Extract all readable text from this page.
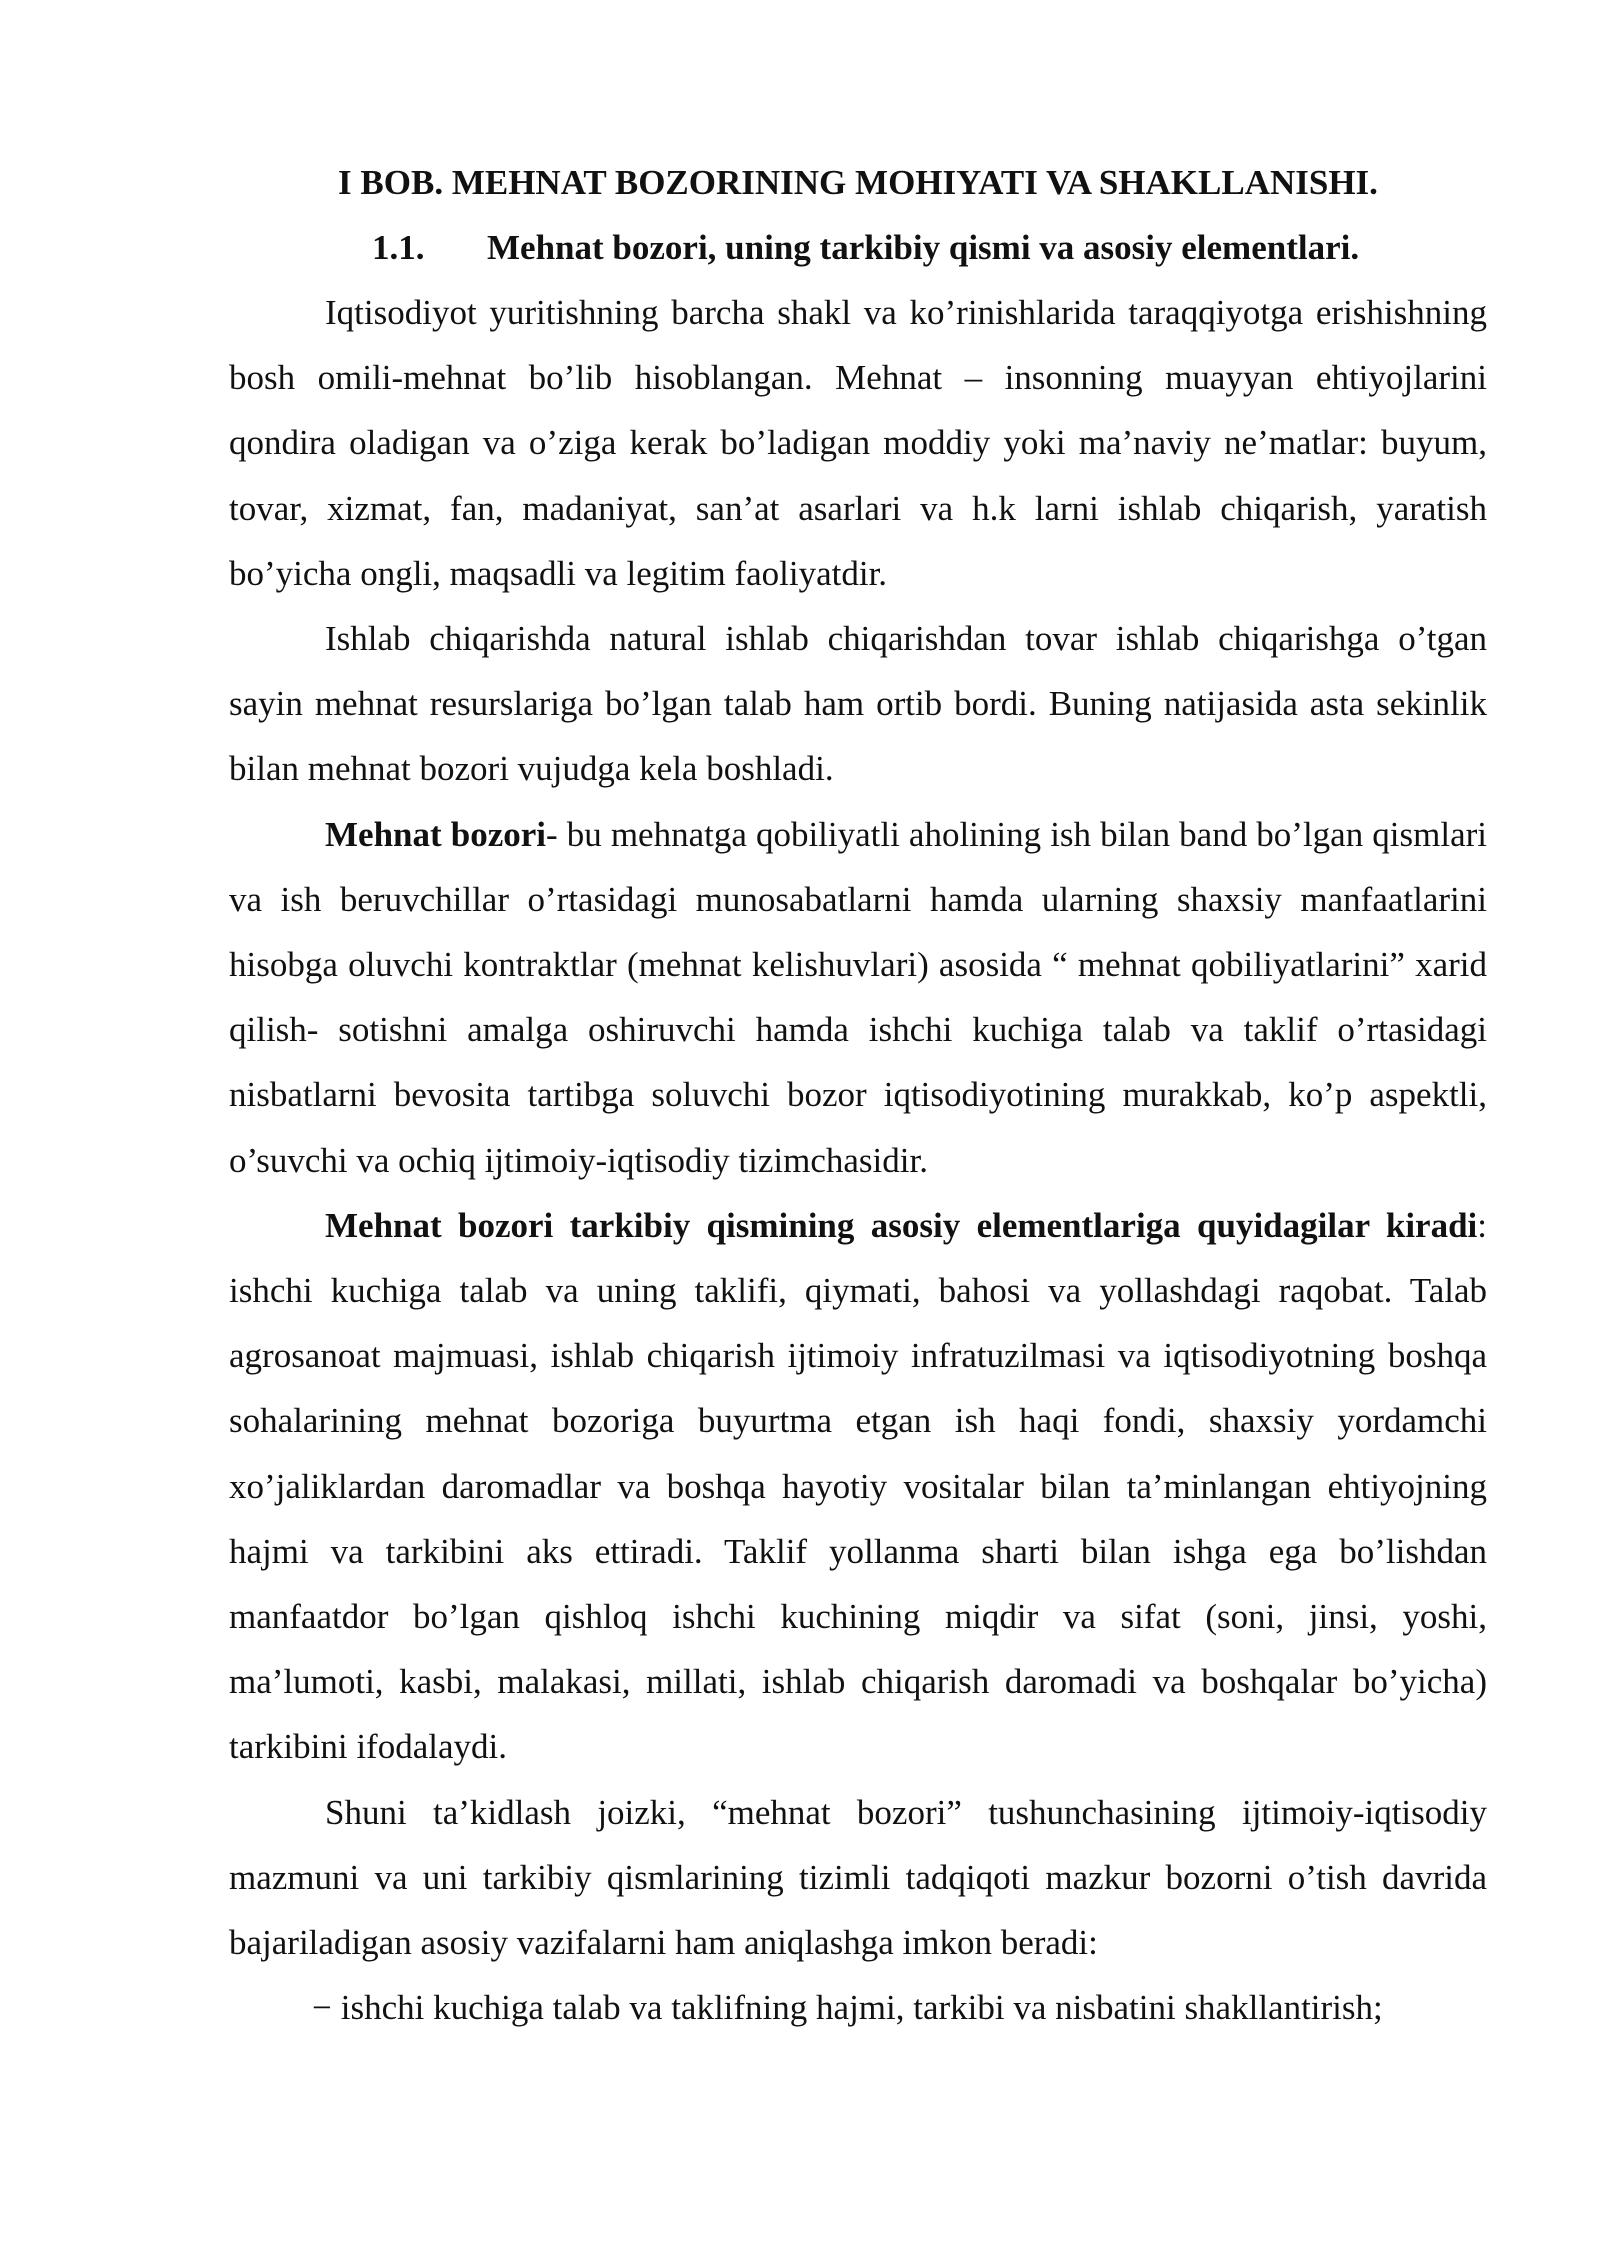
I BOB. MEHNAT BOZORINING MOHIYATI VA SHAKLLANISHI.
1.1.	Mehnat bozori, uning tarkibiy qismi va asosiy elementlari.

Iqtisodiyot yuritishning barcha shakl va ko’rinishlarida taraqqiyotga erishishning bosh omili-mehnat bo’lib hisoblangan. Mehnat – insonning muayyan ehtiyojlarini qondira oladigan va o’ziga kerak bo’ladigan moddiy yoki ma’naviy ne’matlar: buyum, tovar, xizmat, fan, madaniyat, san’at asarlari va h.k larni ishlab chiqarish, yaratish bo’yicha ongli, maqsadli va legitim faoliyatdir.

Ishlab chiqarishda natural ishlab chiqarishdan tovar ishlab chiqarishga o’tgan sayin mehnat resurslariga bo’lgan talab ham ortib bordi. Buning natijasida asta sekinlik bilan mehnat bozori vujudga kela boshladi.

Mehnat bozori- bu mehnatga qobiliyatli aholining ish bilan band bo’lgan qismlari va ish beruvchillar o’rtasidagi munosabatlarni hamda ularning shaxsiy manfaatlarini hisobga oluvchi kontraktlar (mehnat kelishuvlari) asosida “ mehnat qobiliyatlarini” xarid qilish- sotishni amalga oshiruvchi hamda ishchi kuchiga talab va taklif o’rtasidagi nisbatlarni bevosita tartibga soluvchi bozor iqtisodiyotining murakkab, ko’p aspektli, o’suvchi va ochiq ijtimoiy-iqtisodiy tizimchasidir.

Mehnat bozori tarkibiy qismining asosiy elementlariga quyidagilar kiradi: ishchi kuchiga talab va uning taklifi, qiymati, bahosi va yollashdagi raqobat. Talab agrosanoat majmuasi, ishlab chiqarish ijtimoiy infratuzilmasi va iqtisodiyotning boshqa sohalarining mehnat bozoriga buyurtma etgan ish haqi fondi, shaxsiy yordamchi xo’jaliklardan daromadlar va boshqa hayotiy vositalar bilan ta’minlangan ehtiyojning hajmi va tarkibini aks ettiradi. Taklif yollanma sharti bilan ishga ega bo’lishdan manfaatdor bo’lgan qishloq ishchi kuchining miqdir va sifat (soni, jinsi, yoshi, ma’lumoti, kasbi, malakasi, millati, ishlab chiqarish daromadi va boshqalar bo’yicha) tarkibini ifodalaydi.

Shuni ta’kidlash joizki, “mehnat bozori” tushunchasining ijtimoiy-iqtisodiy mazmuni va uni tarkibiy qismlarining tizimli tadqiqoti mazkur bozorni o’tish davrida bajariladigan asosiy vazifalarni ham aniqlashga imkon beradi:

− ishchi kuchiga talab va taklifning hajmi, tarkibi va nisbatini shakllantirish;
